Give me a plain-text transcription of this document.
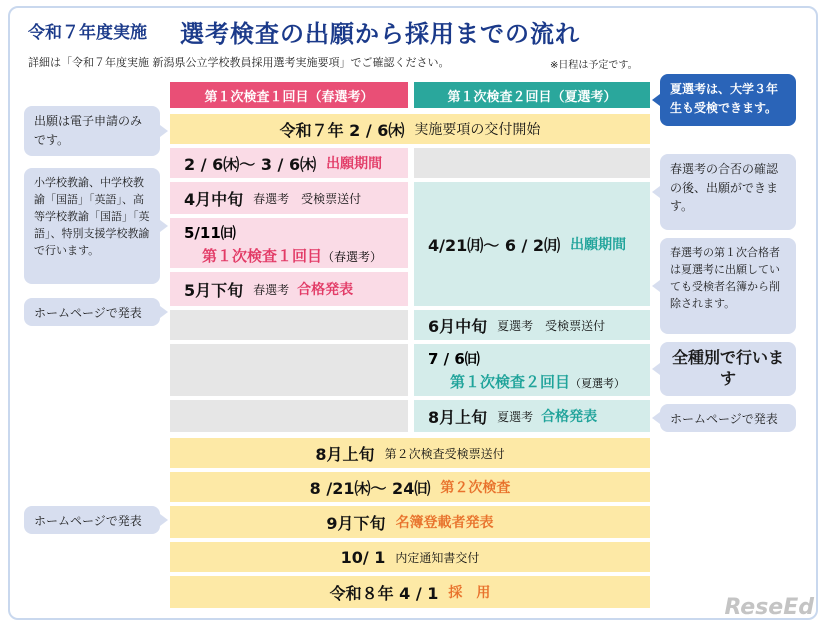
令和７年度実施 選考検査の出願から採用までの流れ
詳細は「令和７年度実施 新潟県公立学校教員採用選考実施要項」でご確認ください。	※日程は予定です。
第１次検査１回目（春選考）	第１次検査２回目（夏選考）
令和７年 2 / 6㈭ 実施要項の交付開始
2 / 6㈭〜 3 / 6㈭ 出願期間
4月中旬 春選考　受検票送付
5/11㈰
第１次検査１回目（春選考）
5月下旬 春選考 合格発表
4/21㈪〜 6 / 2㈪ 出願期間
6月中旬 夏選考　受検票送付
7 / 6㈰
第１次検査２回目（夏選考）
8月上旬 夏選考 合格発表
8月上旬 第２次検査受検票送付
8 /21㈭〜 24㈰ 第２次検査
9月下旬 名簿登載者発表
10/ 1 内定通知書交付
令和８年 4 / 1 採　用
出願は電子申請のみです。
小学校教諭、中学校教諭「国語」「英語」、高等学校教諭「国語」「英語」、特別支援学校教諭で行います。
ホームページで発表
ホームページで発表
夏選考は、大学３年生も受検できます。
春選考の合否の確認の後、出願ができます。
春選考の第１次合格者は夏選考に出願していても受検者名簿から削除されます。
全種別で行います
ホームページで発表
ReseEd
